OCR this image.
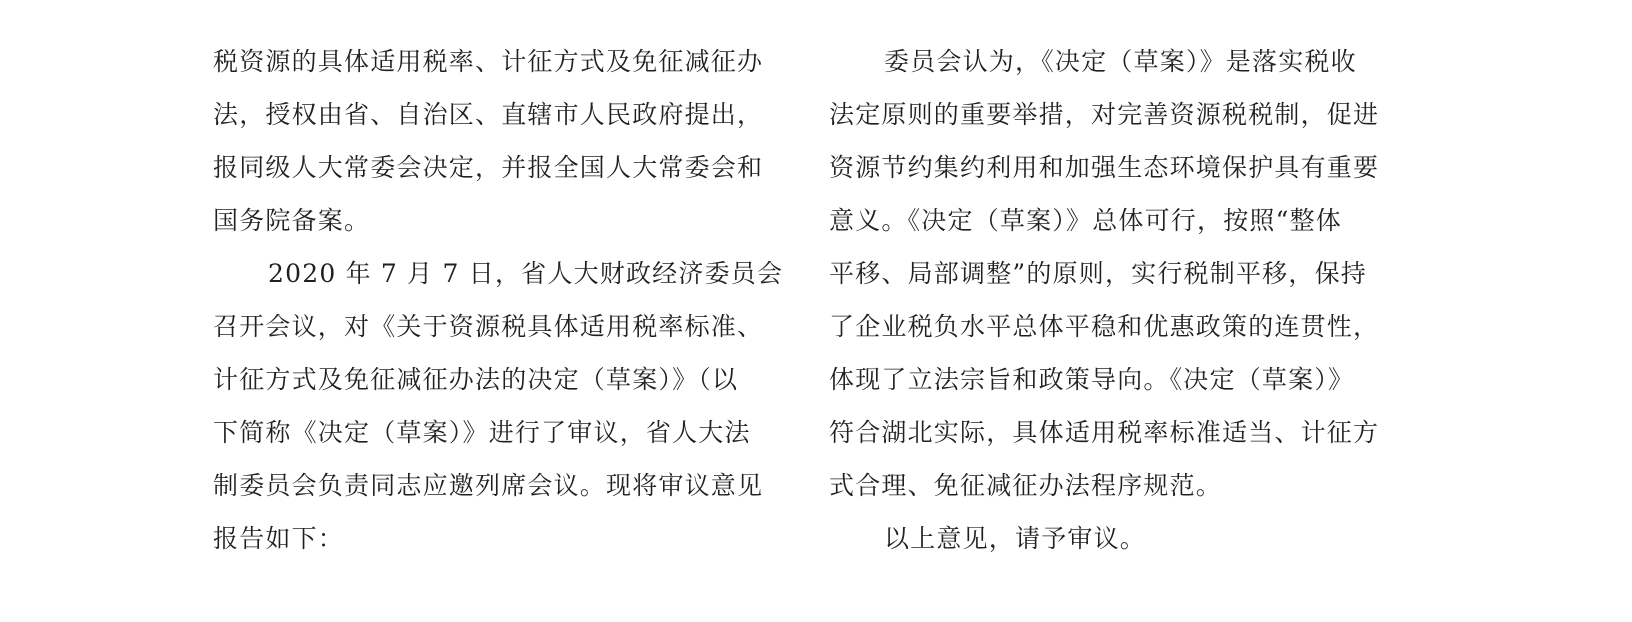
税资源的具体适用税率、计征方式及免征减征办
法，授权由省、自治区、直辖市人民政府提出，
报同级人大常委会决定，并报全国人大常委会和
国务院备案。
2020 年 7 月 7 日，省人大财政经济委员会
召开会议，对《关于资源税具体适用税率标准、
计征方式及免征减征办法的决定（草案）》（以
下简称《决定（草案）》进行了审议，省人大法
制委员会负责同志应邀列席会议。现将审议意见
报告如下：
委员会认为，《决定（草案）》是落实税收
法定原则的重要举措，对完善资源税税制，促进
资源节约集约利用和加强生态环境保护具有重要
意义。《决定（草案）》总体可行，按照“整体
平移、局部调整”的原则，实行税制平移，保持
了企业税负水平总体平稳和优惠政策的连贯性，
体现了立法宗旨和政策导向。《决定（草案）》
符合湖北实际，具体适用税率标准适当、计征方
式合理、免征减征办法程序规范。
以上意见，请予审议。
